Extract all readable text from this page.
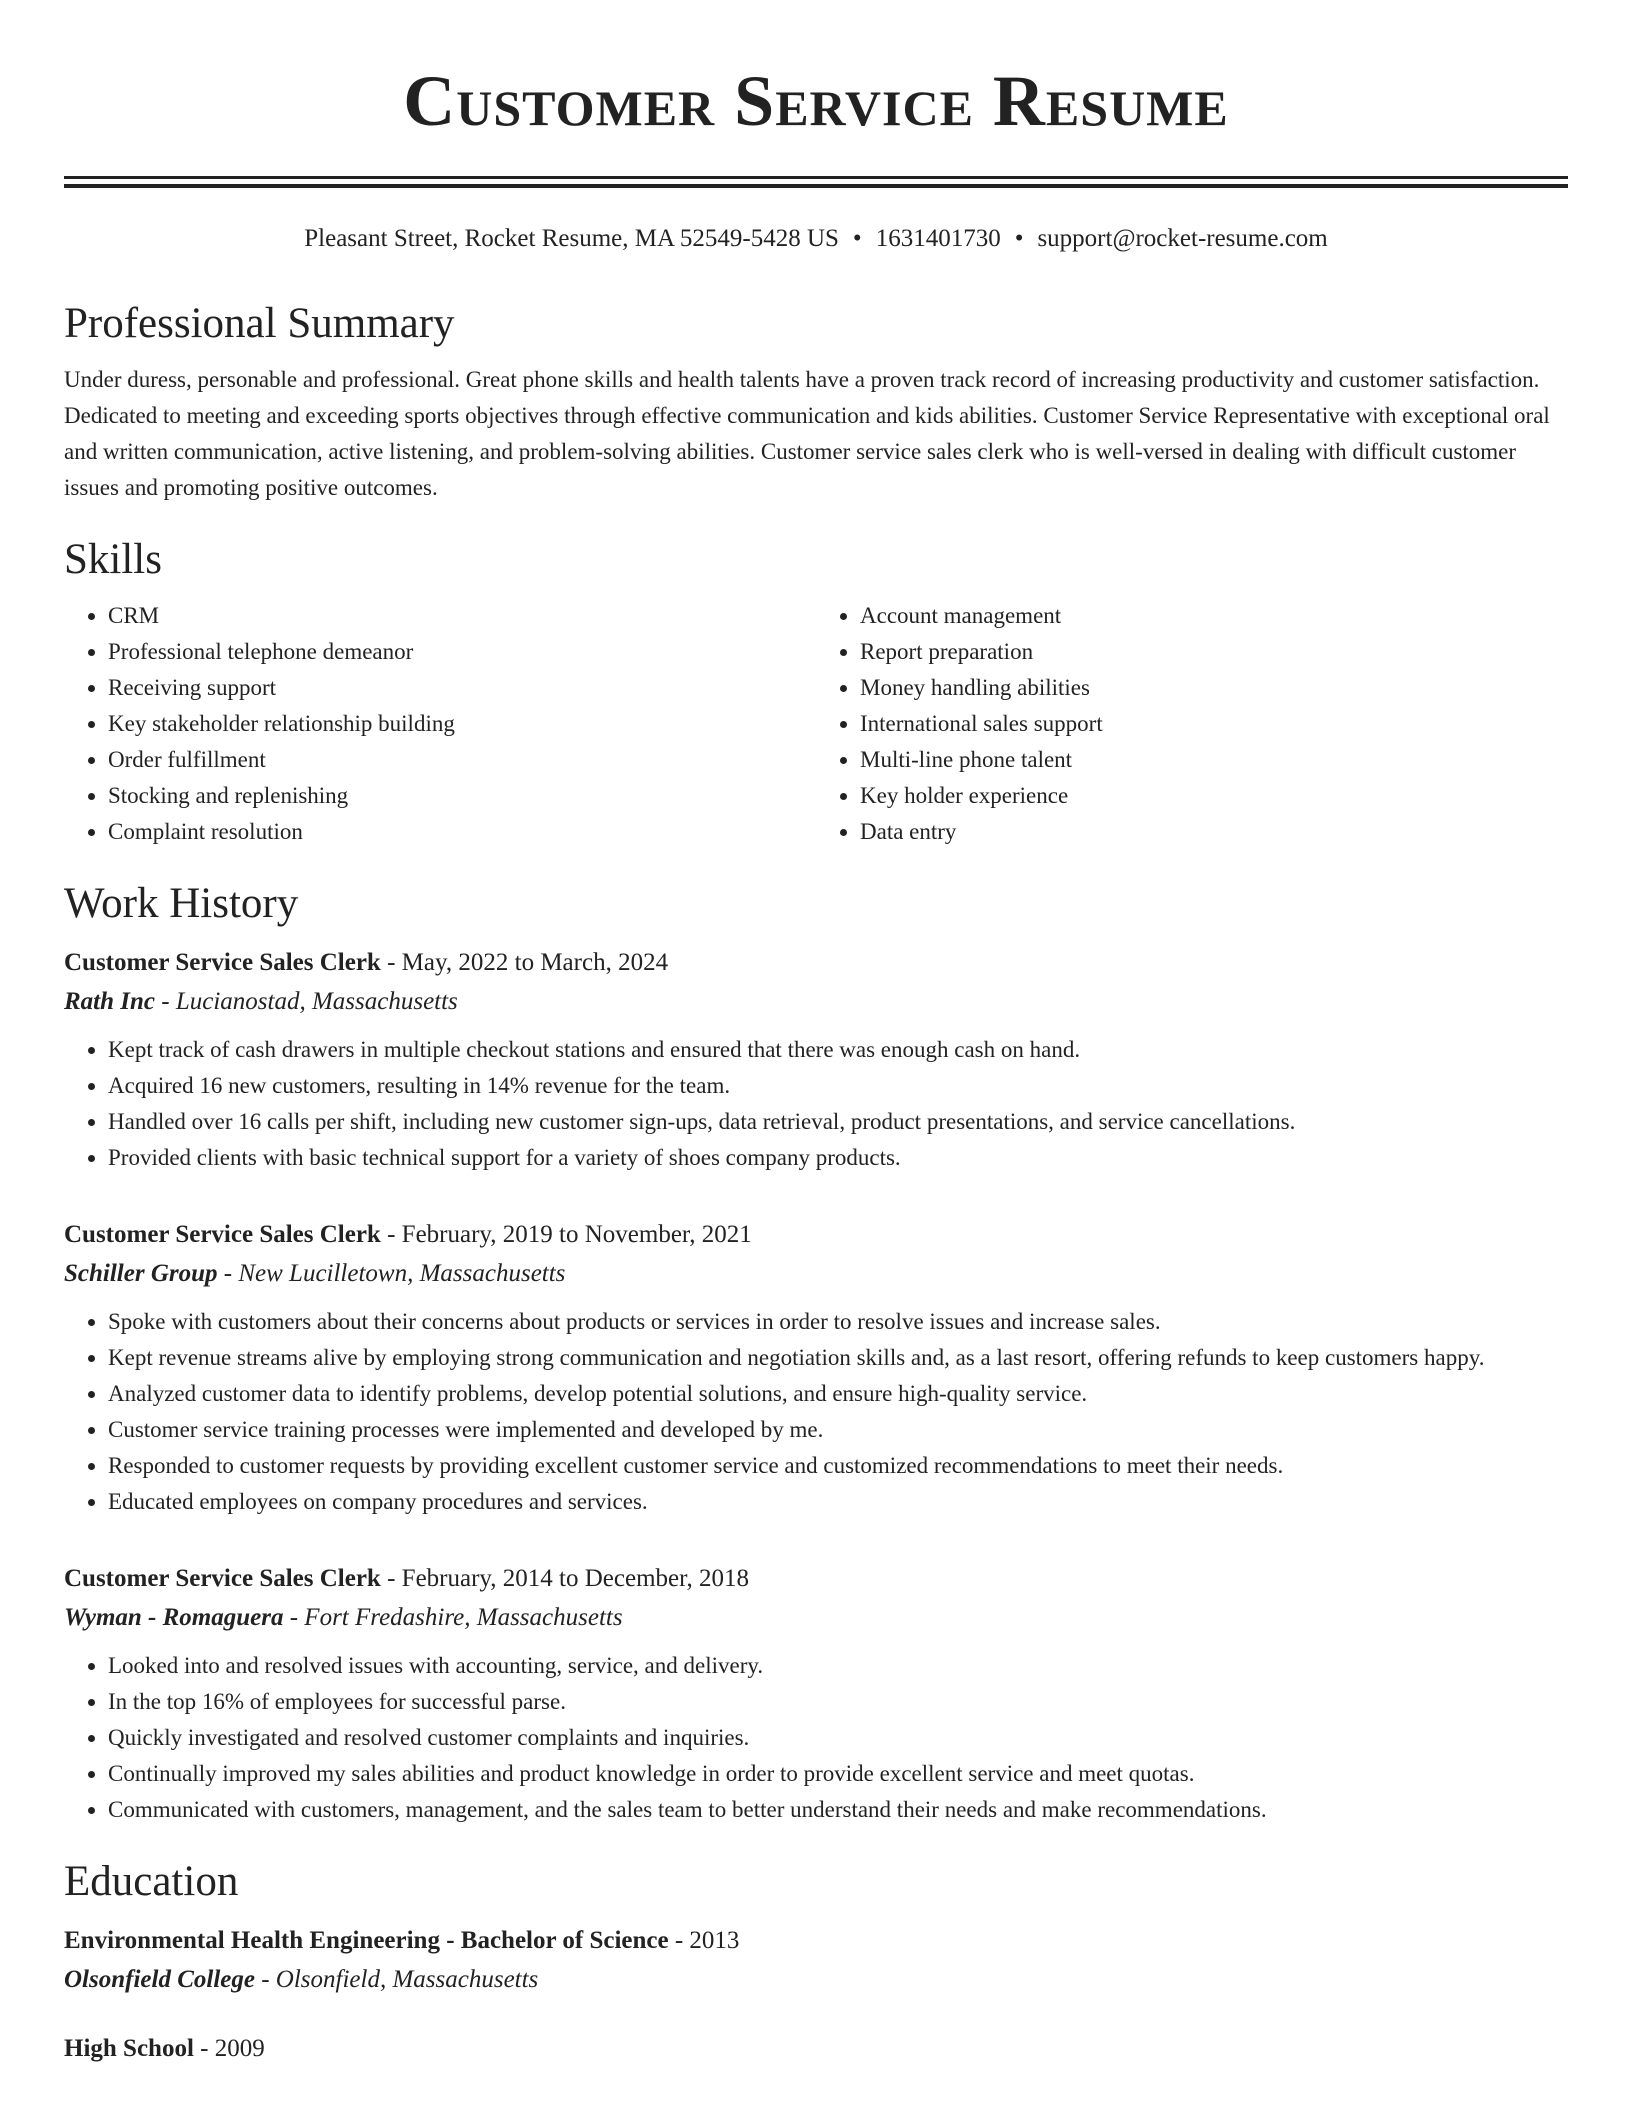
Customer Service Resume
Pleasant Street, Rocket Resume, MA 52549-5428 US • 1631401730 • support@rocket-resume.com
Professional Summary
Under duress, personable and professional. Great phone skills and health talents have a proven track record of increasing productivity and customer satisfaction. Dedicated to meeting and exceeding sports objectives through effective communication and kids abilities. Customer Service Representative with exceptional oral and written communication, active listening, and problem-solving abilities. Customer service sales clerk who is well-versed in dealing with difficult customer issues and promoting positive outcomes.
Skills
• CRM
• Professional telephone demeanor
• Receiving support
• Key stakeholder relationship building
• Order fulfillment
• Stocking and replenishing
• Complaint resolution
• Account management
• Report preparation
• Money handling abilities
• International sales support
• Multi-line phone talent
• Key holder experience
• Data entry
Work History
Customer Service Sales Clerk - May, 2022 to March, 2024
Rath Inc - Lucianostad, Massachusetts
• Kept track of cash drawers in multiple checkout stations and ensured that there was enough cash on hand.
• Acquired 16 new customers, resulting in 14% revenue for the team.
• Handled over 16 calls per shift, including new customer sign-ups, data retrieval, product presentations, and service cancellations.
• Provided clients with basic technical support for a variety of shoes company products.
Customer Service Sales Clerk - February, 2019 to November, 2021
Schiller Group - New Lucilletown, Massachusetts
• Spoke with customers about their concerns about products or services in order to resolve issues and increase sales.
• Kept revenue streams alive by employing strong communication and negotiation skills and, as a last resort, offering refunds to keep customers happy.
• Analyzed customer data to identify problems, develop potential solutions, and ensure high-quality service.
• Customer service training processes were implemented and developed by me.
• Responded to customer requests by providing excellent customer service and customized recommendations to meet their needs.
• Educated employees on company procedures and services.
Customer Service Sales Clerk - February, 2014 to December, 2018
Wyman - Romaguera - Fort Fredashire, Massachusetts
• Looked into and resolved issues with accounting, service, and delivery.
• In the top 16% of employees for successful parse.
• Quickly investigated and resolved customer complaints and inquiries.
• Continually improved my sales abilities and product knowledge in order to provide excellent service and meet quotas.
• Communicated with customers, management, and the sales team to better understand their needs and make recommendations.
Education
Environmental Health Engineering - Bachelor of Science - 2013
Olsonfield College - Olsonfield, Massachusetts
High School - 2009
